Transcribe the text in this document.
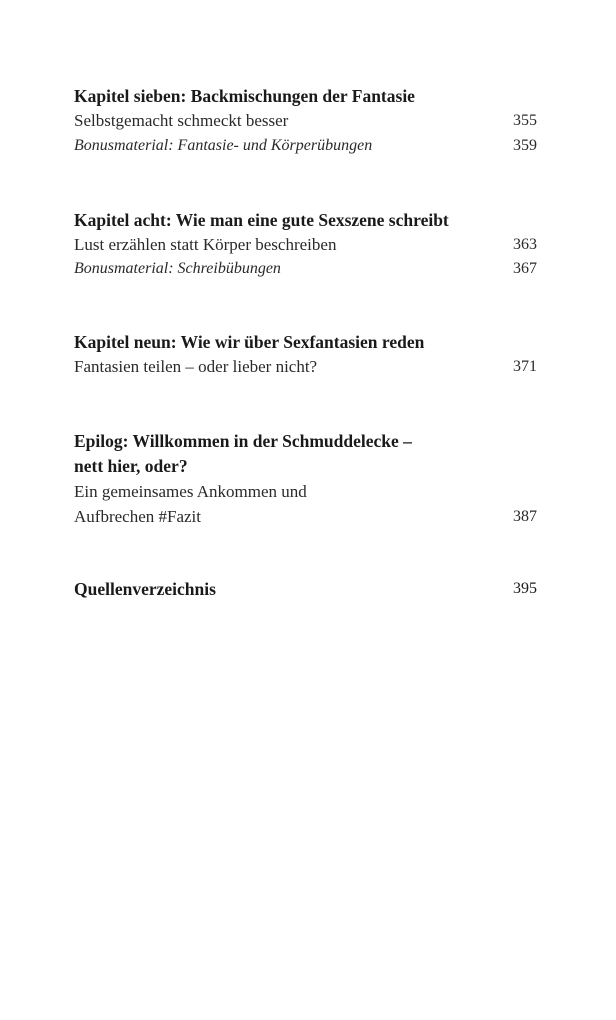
Kapitel sieben: Backmischungen der Fantasie
Selbstgemacht schmeckt besser	355
Bonusmaterial: Fantasie- und Körperübungen	359
Kapitel acht: Wie man eine gute Sexszene schreibt
Lust erzählen statt Körper beschreiben	363
Bonusmaterial: Schreibübungen	367
Kapitel neun: Wie wir über Sexfantasien reden
Fantasien teilen – oder lieber nicht?	371
Epilog: Willkommen in der Schmuddelecke –
nett hier, oder?
Ein gemeinsames Ankommen und
Aufbrechen #Fazit	387
Quellenverzeichnis	395
